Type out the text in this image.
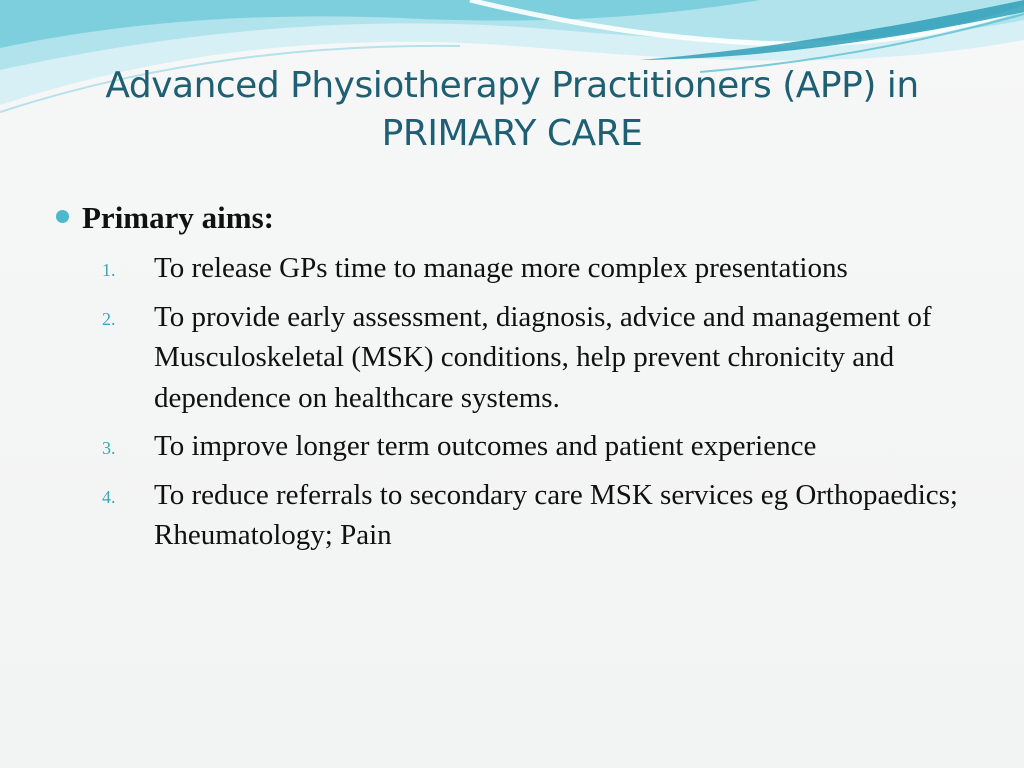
Advanced Physiotherapy Practitioners (APP) in
PRIMARY CARE
Primary aims:
1. To release GPs time to manage more complex presentations
2. To provide early assessment, diagnosis, advice and management of Musculoskeletal (MSK) conditions, help prevent chronicity and dependence on healthcare systems.
3. To improve longer term outcomes and patient experience
4. To reduce referrals to secondary care MSK services eg Orthopaedics; Rheumatology; Pain
